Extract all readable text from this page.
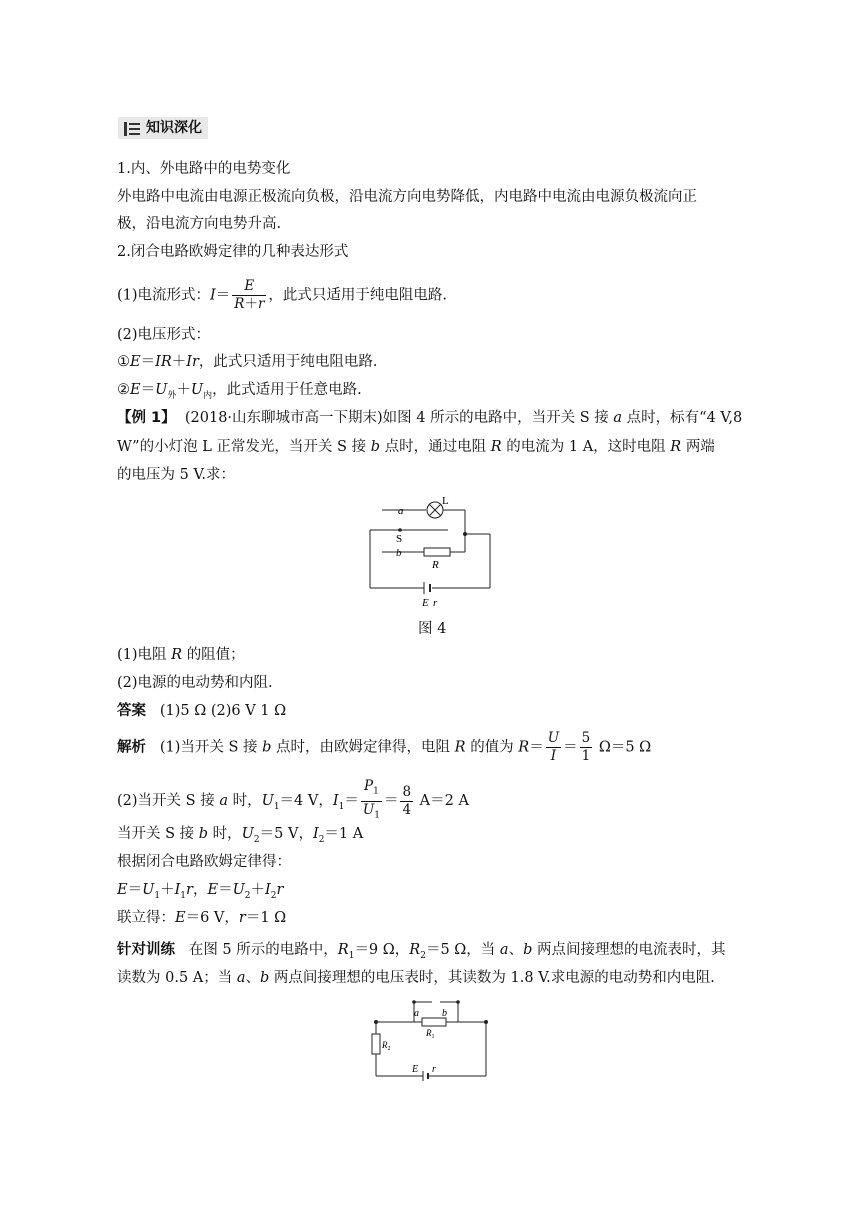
知识深化
1.内、外电路中的电势变化
外电路中电流由电源正极流向负极，沿电流方向电势降低，内电路中电流由电源负极流向正
极，沿电流方向电势升高.
2.闭合电路欧姆定律的几种表达形式
(1)电流形式：$I= \frac{E}{R+r}$ ，此式只适用于纯电阻电路.
(2)电压形式：
①E＝IR＋Ir，此式只适用于纯电阻电路.
$②E=U_外+U_内$，此式适用于任意电路.
【例 1】 (2018·山东聊城市高一下期末)如图 4 所示的电路中，当开关 S 接 a 点时，标有“4 V,8
W”的小灯泡 L 正常发光，当开关 S 接 b 点时，通过电阻 R 的电流为 1 A，这时电阻 R 两端
的电压为 5 V.求：
a
L
S
b
R
E r
图 4
(1)电阻 R 的阻值；
(2)电源的电动势和内阻.
答案 (1)5 Ω (2)6 V 1 Ω
解析 (1)当开关 S 接 b 点时，由欧姆定律得，电阻 R 的值为 $R= \frac{U}{I} = \frac{5}{1} \Omega=5$ Ω
(2)当开关 S 接 a 时，$U_1=4$ V，$I_1= \frac{P_1}{U_1} = \frac{8}{4} A=2$ A
当开关 S 接 b 时，$U_2=5$ V，$I_2=1$ A
根据闭合电路欧姆定律得：
$E=U_1+I_1r$，$E=U_2+I_2r$
联立得：E＝6 V，r＝1 Ω
针对训练 在图 5 所示的电路中，$R_1=9$ Ω，$R_2=5$ Ω，当 a、b 两点间接理想的电流表时，其
读数为 0.5 A；当 a、b 两点间接理想的电压表时，其读数为 1.8 V.求电源的电动势和内电阻.
a b
$R_1$
$R_2$
E r
